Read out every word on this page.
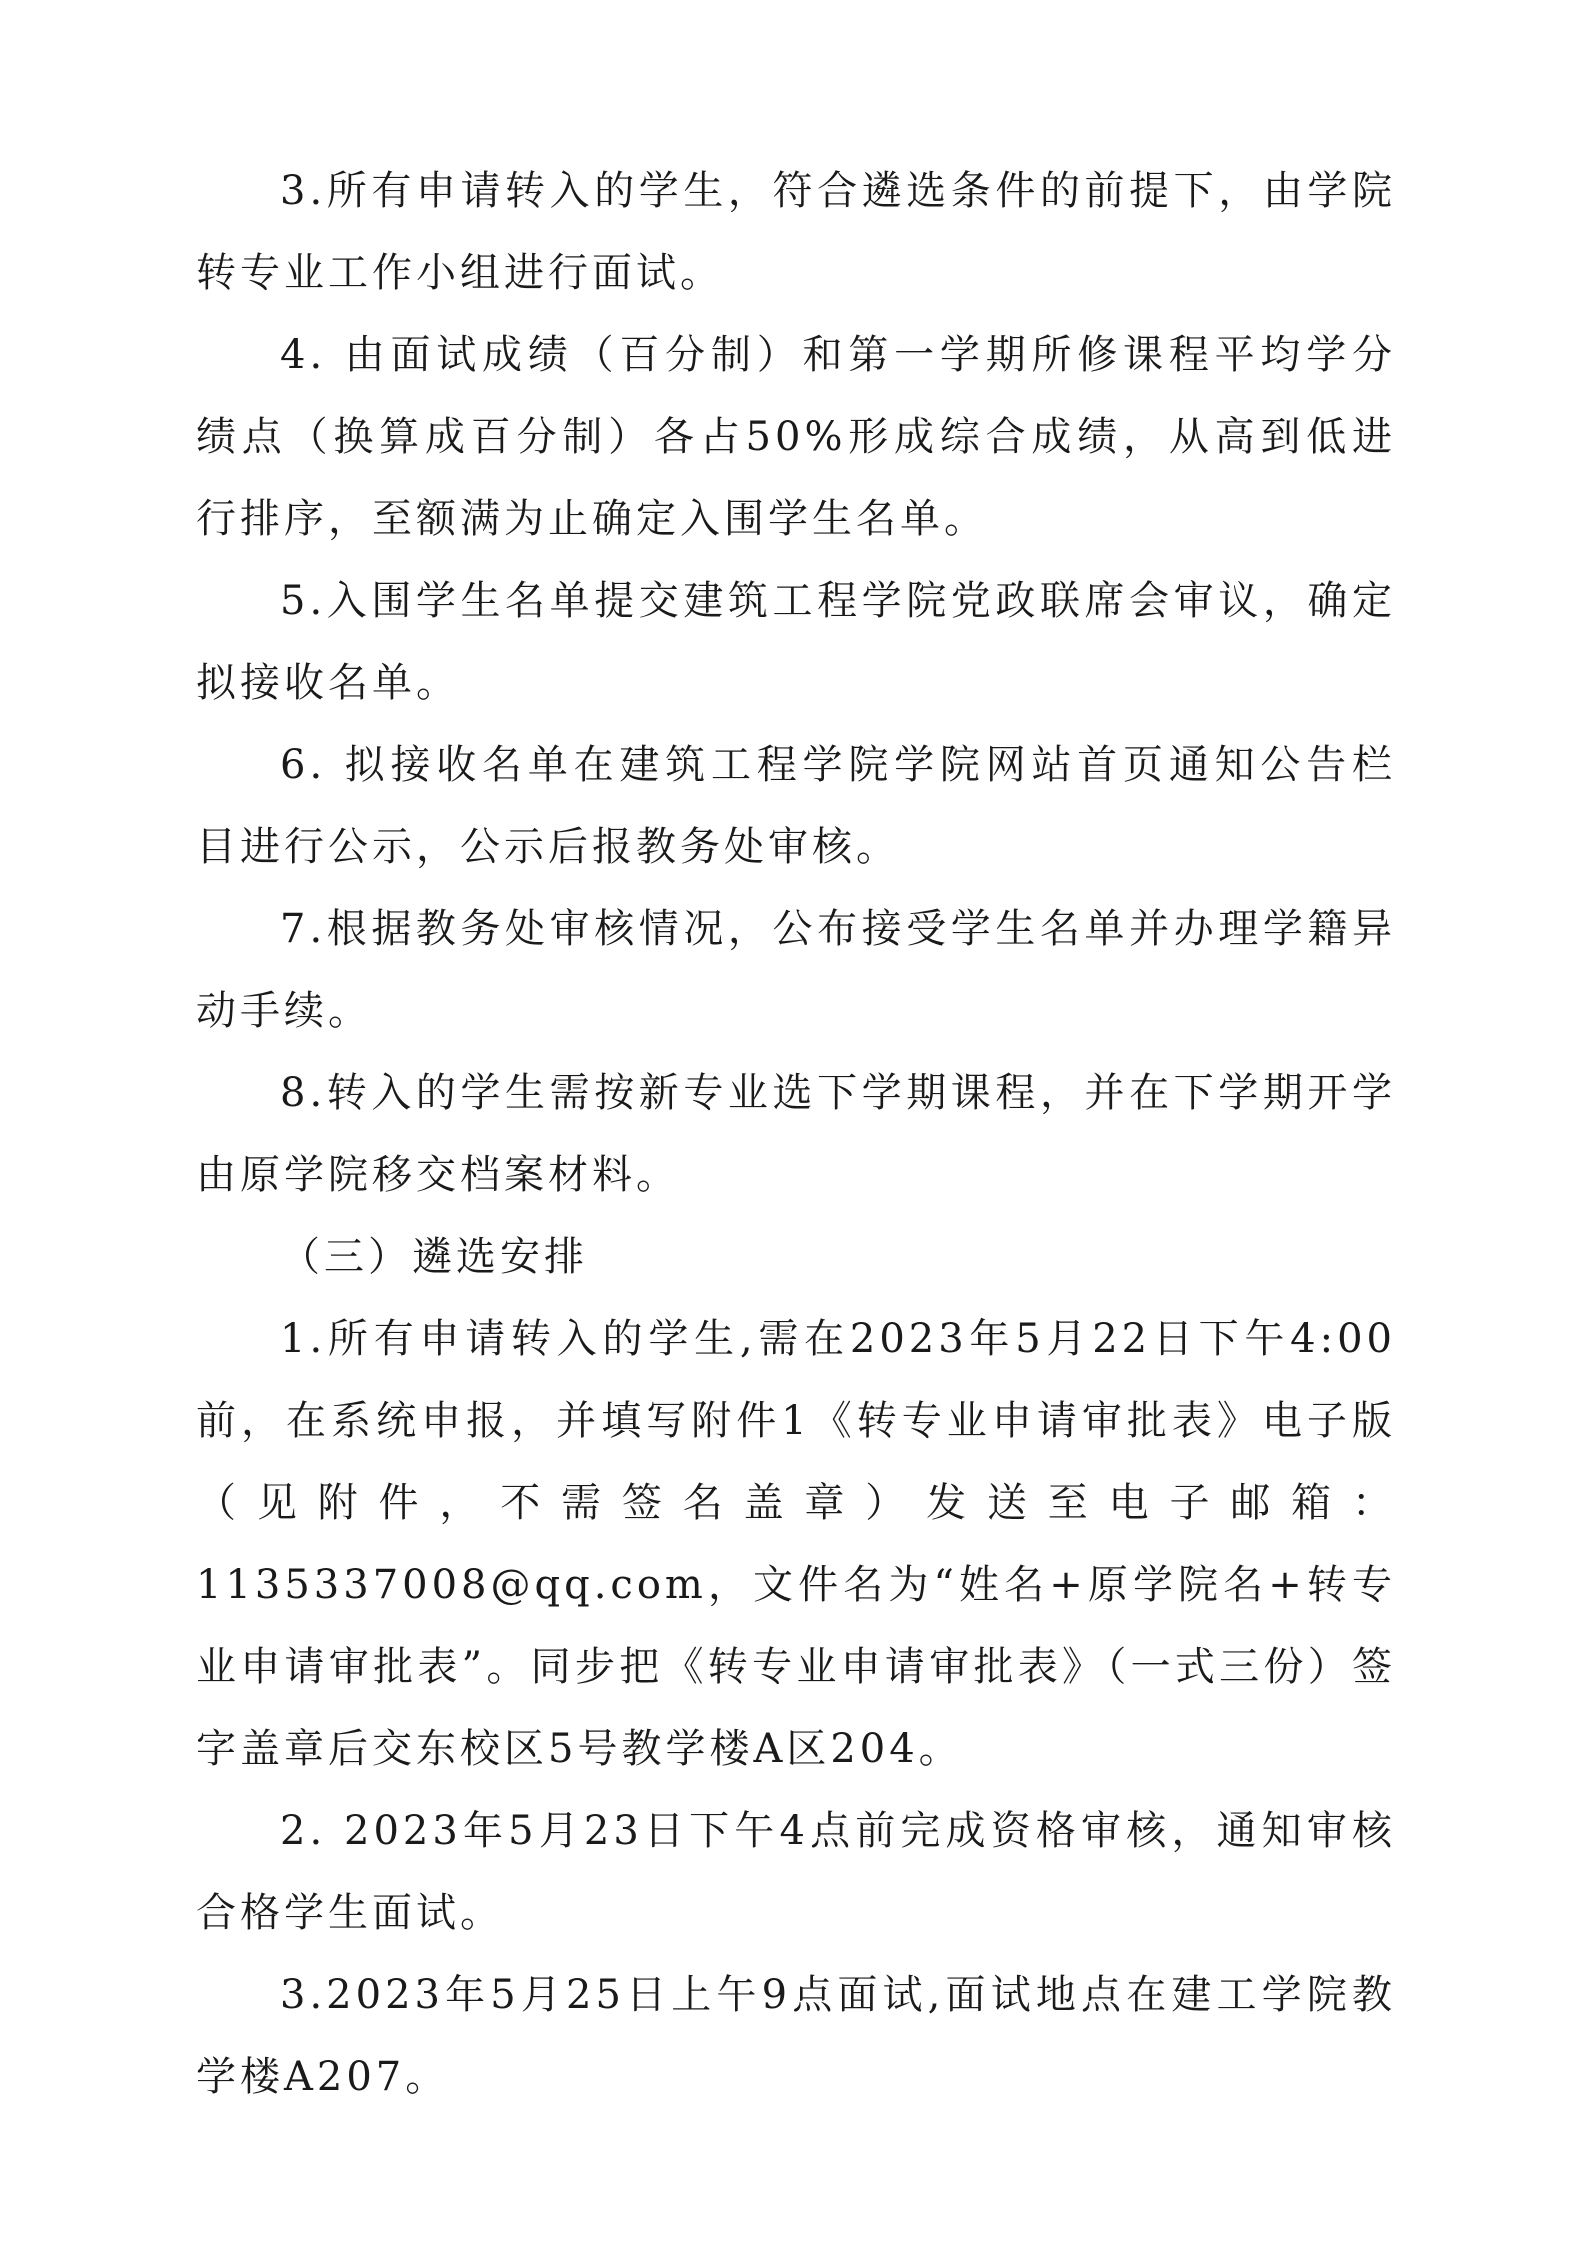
3.所有申请转入的学生，符合遴选条件的前提下，由学院转专业工作小组进行面试。

4. 由面试成绩（百分制）和第一学期所修课程平均学分绩点（换算成百分制）各占50%形成综合成绩，从高到低进行排序，至额满为止确定入围学生名单。

5.入围学生名单提交建筑工程学院党政联席会审议，确定拟接收名单。

6. 拟接收名单在建筑工程学院学院网站首页通知公告栏目进行公示，公示后报教务处审核。

7.根据教务处审核情况，公布接受学生名单并办理学籍异动手续。

8.转入的学生需按新专业选下学期课程，并在下学期开学由原学院移交档案材料。

（三）遴选安排

1.所有申请转入的学生,需在2023年5月22日下午4:00前，在系统申报，并填写附件1《转专业申请审批表》电子版（见附件，不需签名盖章）发送至电子邮箱：1135337008@qq.com，文件名为“姓名+原学院名+转专业申请审批表”。同步把《转专业申请审批表》（一式三份）签字盖章后交东校区5号教学楼A区204。

2. 2023年5月23日下午4点前完成资格审核，通知审核合格学生面试。

3.2023年5月25日上午9点面试,面试地点在建工学院教学楼A207。
